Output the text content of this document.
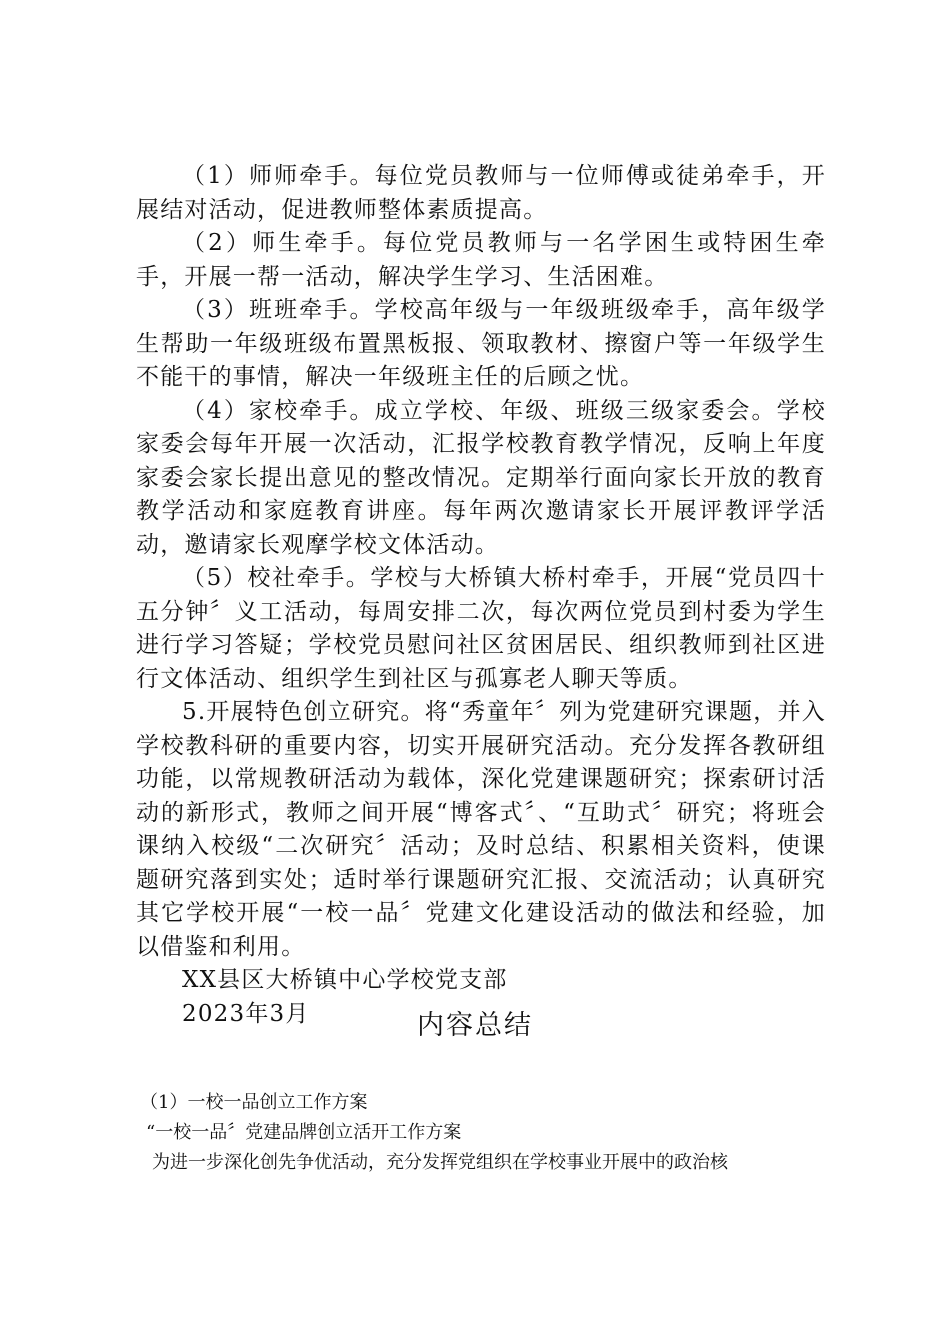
（1）师师牵手。每位党员教师与一位师傅或徒弟牵手，开展结对活动，促进教师整体素质提高。

（2）师生牵手。每位党员教师与一名学困生或特困生牵手，开展一帮一活动，解决学生学习、生活困难。

（3）班班牵手。学校高年级与一年级班级牵手，高年级学生帮助一年级班级布置黑板报、领取教材、擦窗户等一年级学生不能干的事情，解决一年级班主任的后顾之忧。

（4）家校牵手。成立学校、年级、班级三级家委会。学校家委会每年开展一次活动，汇报学校教育教学情况，反响上年度家委会家长提出意见的整改情况。定期举行面向家长开放的教育教学活动和家庭教育讲座。每年两次邀请家长开展评教评学活动，邀请家长观摩学校文体活动。

（5）校社牵手。学校与大桥镇大桥村牵手，开展“党员四十五分钟〞义工活动，每周安排二次，每次两位党员到村委为学生进行学习答疑；学校党员慰问社区贫困居民、组织教师到社区进行文体活动、组织学生到社区与孤寡老人聊天等质。

5.开展特色创立研究。将“秀童年〞列为党建研究课题，并入学校教科研的重要内容，切实开展研究活动。充分发挥各教研组功能，以常规教研活动为载体，深化党建课题研究；探索研讨活动的新形式，教师之间开展“博客式〞、“互助式〞研究；将班会课纳入校级“二次研究〞活动；及时总结、积累相关资料，使课题研究落到实处；适时举行课题研究汇报、交流活动；认真研究其它学校开展“一校一品〞党建文化建设活动的做法和经验，加以借鉴和利用。

XX县区大桥镇中心学校党支部
2023年3月	内容总结

（1）一校一品创立工作方案

“一校一品〞党建品牌创立活开工作方案

为进一步深化创先争优活动，充分发挥党组织在学校事业开展中的政治核
